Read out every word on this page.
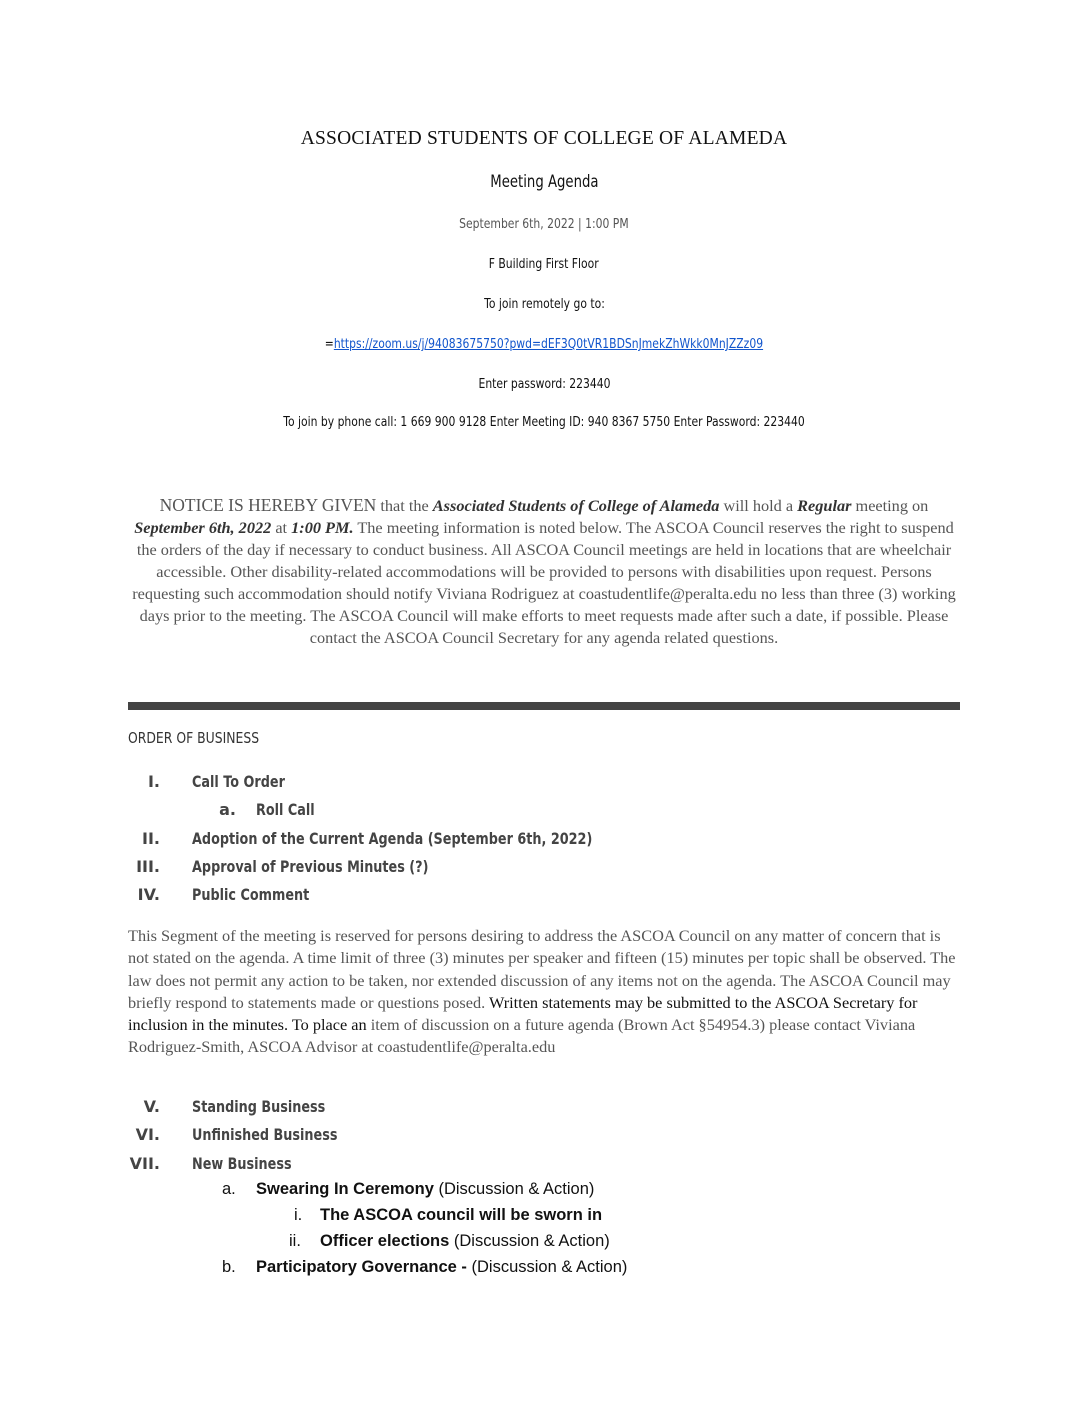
ASSOCIATED STUDENTS OF COLLEGE OF ALAMEDA
Meeting Agenda
September 6th, 2022 | 1:00 PM
F Building First Floor
To join remotely go to:
=https://zoom.us/j/94083675750?pwd=dEF3Q0tVR1BDSnJmekZhWkk0MnJZZz09
Enter password: 223440
To join by phone call: 1 669 900 9128 Enter Meeting ID: 940 8367 5750 Enter Password: 223440
NOTICE IS HEREBY GIVEN that the Associated Students of College of Alameda will hold a Regular meeting on September 6th, 2022 at 1:00 PM. The meeting information is noted below. The ASCOA Council reserves the right to suspend the orders of the day if necessary to conduct business. All ASCOA Council meetings are held in locations that are wheelchair accessible. Other disability-related accommodations will be provided to persons with disabilities upon request. Persons requesting such accommodation should notify Viviana Rodriguez at coastudentlife@peralta.edu no less than three (3) working days prior to the meeting. The ASCOA Council will make efforts to meet requests made after such a date, if possible. Please contact the ASCOA Council Secretary for any agenda related questions.
ORDER OF BUSINESS
I. Call To Order
a. Roll Call
II. Adoption of the Current Agenda (September 6th, 2022)
III. Approval of Previous Minutes (?)
IV. Public Comment
This Segment of the meeting is reserved for persons desiring to address the ASCOA Council on any matter of concern that is not stated on the agenda. A time limit of three (3) minutes per speaker and fifteen (15) minutes per topic shall be observed. The law does not permit any action to be taken, nor extended discussion of any items not on the agenda. The ASCOA Council may briefly respond to statements made or questions posed. Written statements may be submitted to the ASCOA Secretary for inclusion in the minutes. To place an item of discussion on a future agenda (Brown Act §54954.3) please contact Viviana Rodriguez-Smith, ASCOA Advisor at coastudentlife@peralta.edu
V. Standing Business
VI. Unfinished Business
VII. New Business
a. Swearing In Ceremony (Discussion & Action)
i. The ASCOA council will be sworn in
ii. Officer elections (Discussion & Action)
b. Participatory Governance - (Discussion & Action)
